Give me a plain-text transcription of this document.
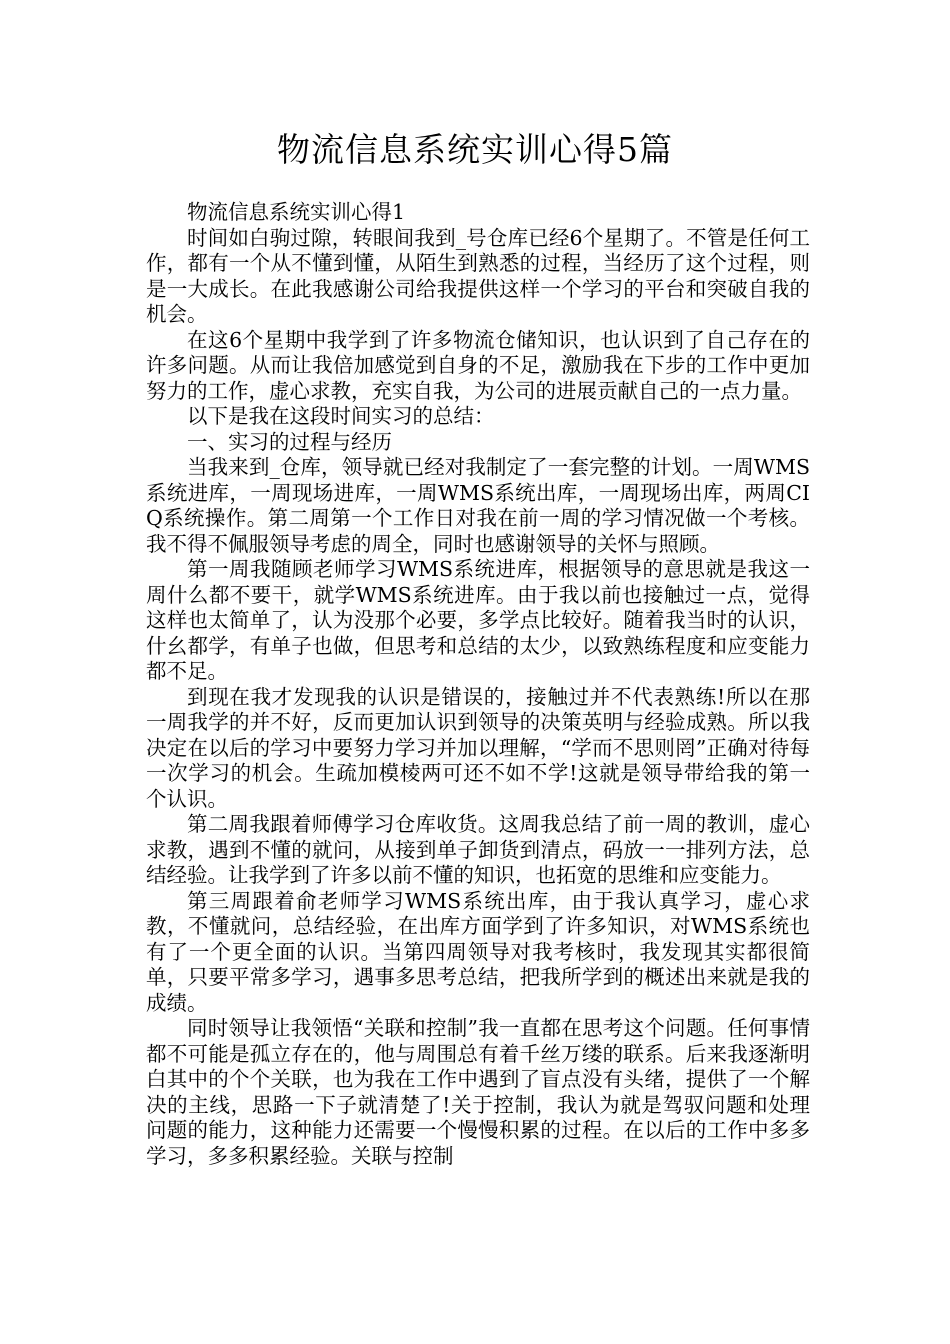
物流信息系统实训心得5篇

物流信息系统实训心得1

时间如白驹过隙，转眼间我到_号仓库已经6个星期了。不管是任何工作，都有一个从不懂到懂，从陌生到熟悉的过程，当经历了这个过程，则是一大成长。在此我感谢公司给我提供这样一个学习的平台和突破自我的机会。

在这6个星期中我学到了许多物流仓储知识，也认识到了自己存在的许多问题。从而让我倍加感觉到自身的不足，激励我在下步的工作中更加努力的工作，虚心求教，充实自我，为公司的进展贡献自己的一点力量。

以下是我在这段时间实习的总结：

一、实习的过程与经历

当我来到_仓库，领导就已经对我制定了一套完整的计划。一周WMS系统进库，一周现场进库，一周WMS系统出库，一周现场出库，两周CIQ系统操作。第二周第一个工作日对我在前一周的学习情况做一个考核。我不得不佩服领导考虑的周全，同时也感谢领导的关怀与照顾。

第一周我随顾老师学习WMS系统进库，根据领导的意思就是我这一周什么都不要干，就学WMS系统进库。由于我以前也接触过一点，觉得这样也太简单了，认为没那个必要，多学点比较好。随着我当时的认识，什幺都学，有单子也做，但思考和总结的太少，以致熟练程度和应变能力都不足。

到现在我才发现我的认识是错误的，接触过并不代表熟练!所以在那一周我学的并不好，反而更加认识到领导的决策英明与经验成熟。所以我决定在以后的学习中要努力学习并加以理解，“学而不思则罔”正确对待每一次学习的机会。生疏加模棱两可还不如不学!这就是领导带给我的第一个认识。

第二周我跟着师傅学习仓库收货。这周我总结了前一周的教训，虚心求教，遇到不懂的就问，从接到单子卸货到清点，码放一一排列方法，总结经验。让我学到了许多以前不懂的知识，也拓宽的思维和应变能力。

第三周跟着俞老师学习WMS系统出库，由于我认真学习，虚心求教，不懂就问，总结经验，在出库方面学到了许多知识，对WMS系统也有了一个更全面的认识。当第四周领导对我考核时，我发现其实都很简单，只要平常多学习，遇事多思考总结，把我所学到的概述出来就是我的成绩。

同时领导让我领悟“关联和控制”我一直都在思考这个问题。任何事情都不可能是孤立存在的，他与周围总有着千丝万缕的联系。后来我逐渐明白其中的个个关联，也为我在工作中遇到了盲点没有头绪，提供了一个解决的主线，思路一下子就清楚了!关于控制，我认为就是驾驭问题和处理问题的能力，这种能力还需要一个慢慢积累的过程。在以后的工作中多多学习，多多积累经验。关联与控制
